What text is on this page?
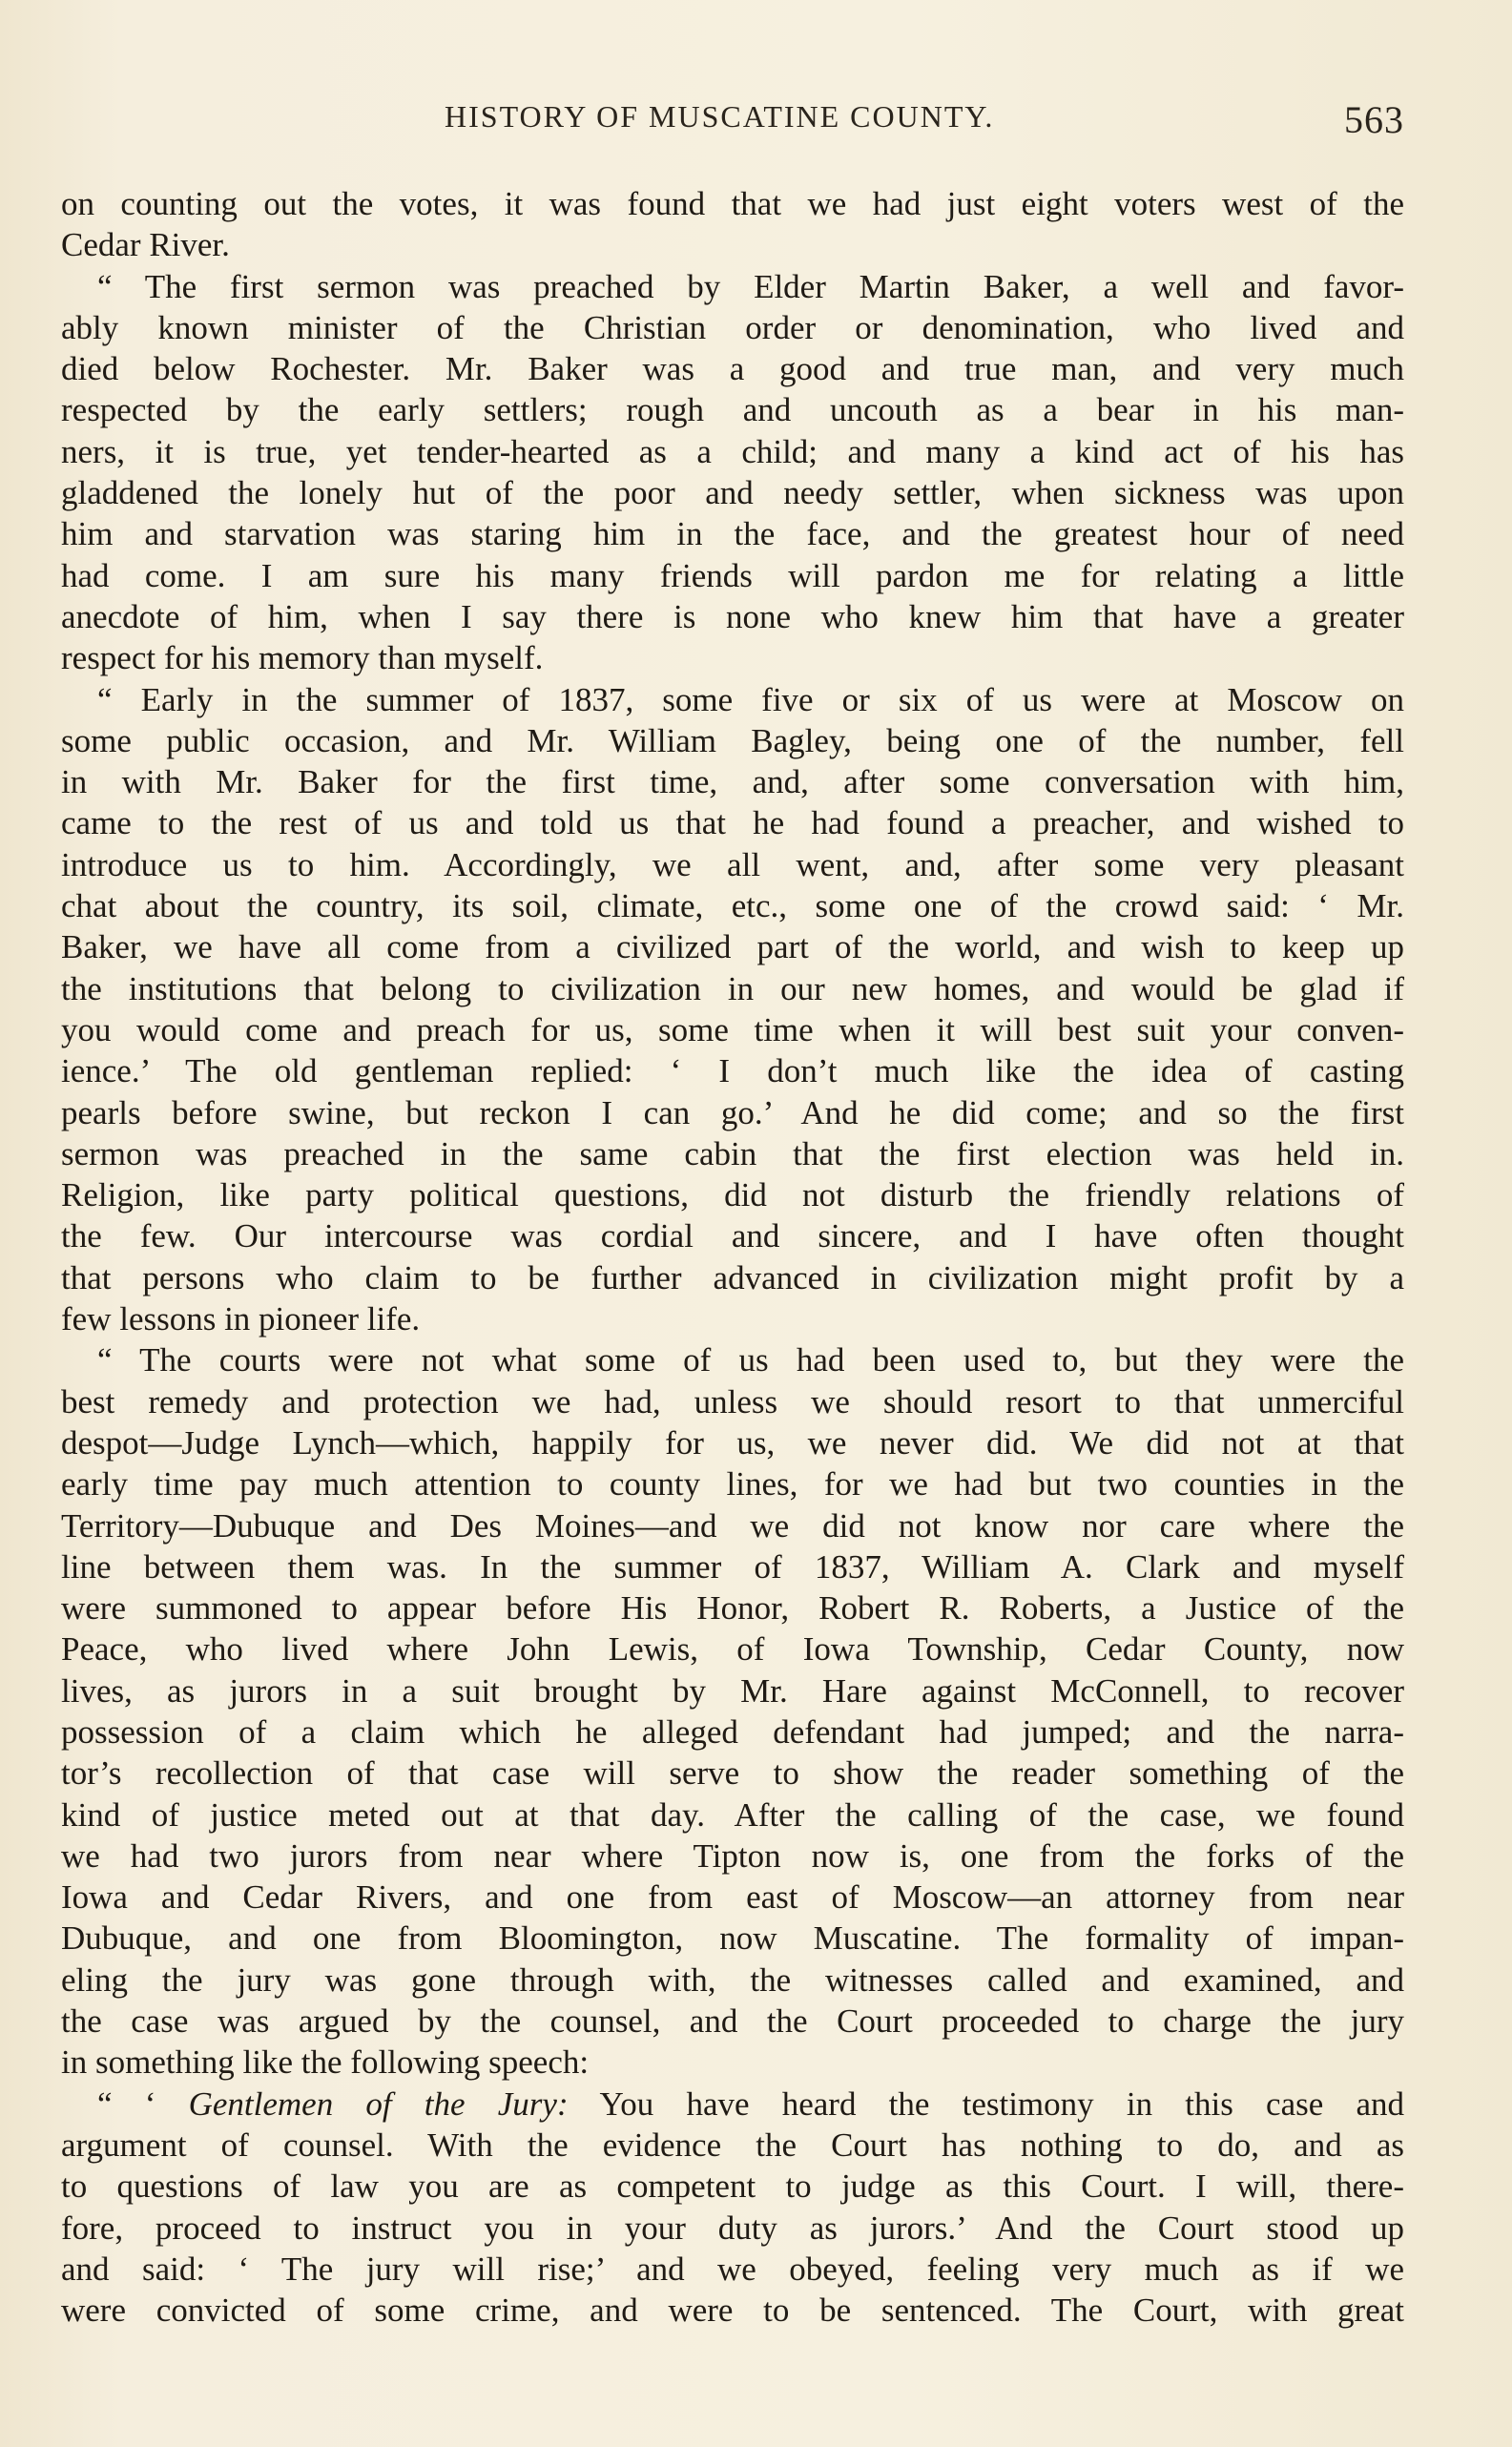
HISTORY OF MUSCATINE COUNTY.	563
on counting out the votes, it was found that we had just eight voters west of the
Cedar River.
“ The first sermon was preached by Elder Martin Baker, a well and favor-
ably known minister of the Christian order or denomination, who lived and
died below Rochester. Mr. Baker was a good and true man, and very much
respected by the early settlers; rough and uncouth as a bear in his man-
ners, it is true, yet tender-hearted as a child; and many a kind act of his has
gladdened the lonely hut of the poor and needy settler, when sickness was upon
him and starvation was staring him in the face, and the greatest hour of need
had come. I am sure his many friends will pardon me for relating a little
anecdote of him, when I say there is none who knew him that have a greater
respect for his memory than myself.
“ Early in the summer of 1837, some five or six of us were at Moscow on
some public occasion, and Mr. William Bagley, being one of the number, fell
in with Mr. Baker for the first time, and, after some conversation with him,
came to the rest of us and told us that he had found a preacher, and wished to
introduce us to him. Accordingly, we all went, and, after some very pleasant
chat about the country, its soil, climate, etc., some one of the crowd said: ‘ Mr.
Baker, we have all come from a civilized part of the world, and wish to keep up
the institutions that belong to civilization in our new homes, and would be glad if
you would come and preach for us, some time when it will best suit your conven-
ience.’ The old gentleman replied: ‘ I don’t much like the idea of casting
pearls before swine, but reckon I can go.’ And he did come; and so the first
sermon was preached in the same cabin that the first election was held in.
Religion, like party political questions, did not disturb the friendly relations of
the few. Our intercourse was cordial and sincere, and I have often thought
that persons who claim to be further advanced in civilization might profit by a
few lessons in pioneer life.
“ The courts were not what some of us had been used to, but they were the
best remedy and protection we had, unless we should resort to that unmerciful
despot—Judge Lynch—which, happily for us, we never did. We did not at that
early time pay much attention to county lines, for we had but two counties in the
Territory—Dubuque and Des Moines—and we did not know nor care where the
line between them was. In the summer of 1837, William A. Clark and myself
were summoned to appear before His Honor, Robert R. Roberts, a Justice of the
Peace, who lived where John Lewis, of Iowa Township, Cedar County, now
lives, as jurors in a suit brought by Mr. Hare against McConnell, to recover
possession of a claim which he alleged defendant had jumped; and the narra-
tor’s recollection of that case will serve to show the reader something of the
kind of justice meted out at that day. After the calling of the case, we found
we had two jurors from near where Tipton now is, one from the forks of the
Iowa and Cedar Rivers, and one from east of Moscow—an attorney from near
Dubuque, and one from Bloomington, now Muscatine. The formality of impan-
eling the jury was gone through with, the witnesses called and examined, and
the case was argued by the counsel, and the Court proceeded to charge the jury
in something like the following speech:
“ ‘ Gentlemen of the Jury: You have heard the testimony in this case and
argument of counsel. With the evidence the Court has nothing to do, and as
to questions of law you are as competent to judge as this Court. I will, there-
fore, proceed to instruct you in your duty as jurors.’ And the Court stood up
and said: ‘ The jury will rise;’ and we obeyed, feeling very much as if we
were convicted of some crime, and were to be sentenced. The Court, with great
